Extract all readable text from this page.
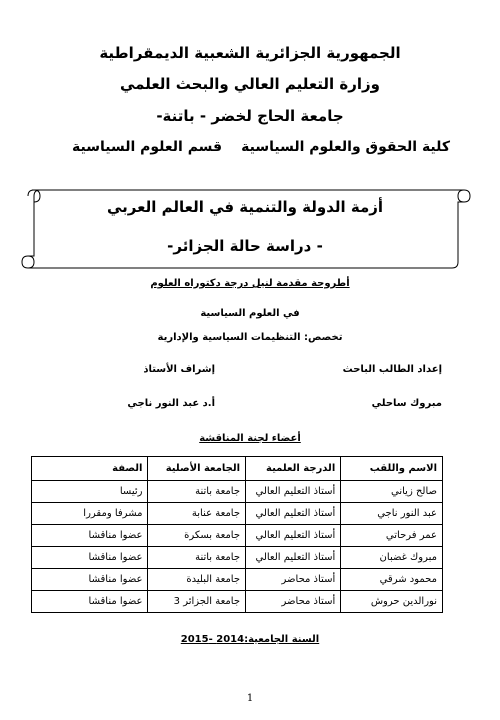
الجمهورية الجزائرية الشعبية الديمقراطية
وزارة التعليم العالي والبحث العلمي
جامعة الحاج لخضر - باتنة-
كلية الحقوق والعلوم السياسية
قسم العلوم السياسية
أزمة الدولة والتنمية في العالم العربي
- دراسة حالة الجزائر-
أطروحة مقدمة لنيل درجة دكتوراه العلوم
في العلوم السياسية
تخصص: التنظيمات السياسية والإدارية
إعداد الطالب الباحث
إشراف الأستاذ
مبروك ساحلي
أ.د عبد النور ناجي
أعضاء لجنة المناقشة
الاسم واللقب	الدرجة العلمية	الجامعة الأصلية	الصفة
صالح زياني	أستاذ التعليم العالي	جامعة باتنة	رئيسا
عبد النور ناجي	أستاذ التعليم العالي	جامعة عنابة	مشرفا ومقررا
عمر فرحاتي	أستاذ التعليم العالي	جامعة بسكرة	عضوا مناقشا
مبروك غضبان	أستاذ التعليم العالي	جامعة باتنة	عضوا مناقشا
محمود شرقي	أستاذ محاضر	جامعة البليدة	عضوا مناقشا
نورالدين حروش	أستاذ محاضر	جامعة الجزائر 3	عضوا مناقشا
السنة الجامعية:2014 -2015
1
